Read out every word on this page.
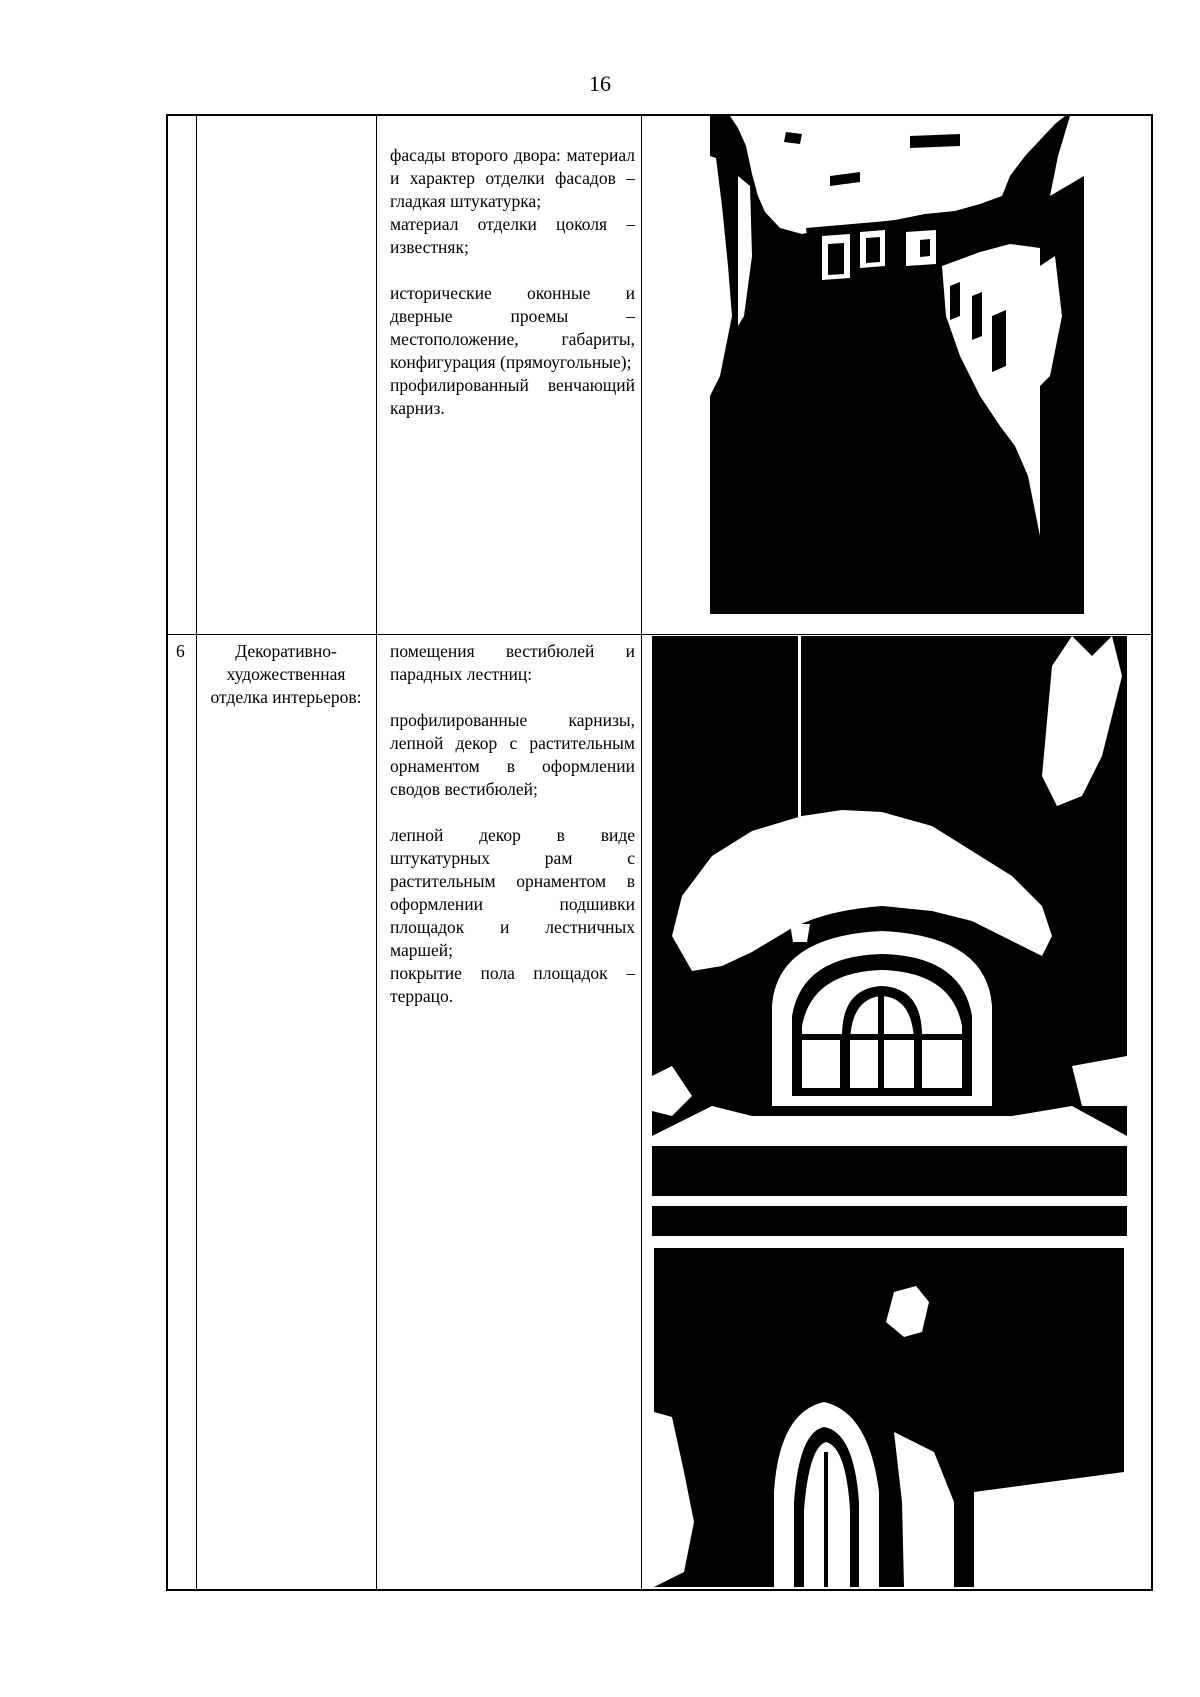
16

фасады второго двора: материал и характер отделки фасадов – гладкая штукатурка;

материал отделки цоколя – известняк;

исторические оконные и дверные проемы – местоположение, габариты, конфигурация (прямоугольные);

профилированный венчающий карниз.

6	Декоративно-художественная отделка интерьеров:

помещения вестибюлей и парадных лестниц:

профилированные карнизы, лепной декор с растительным орнаментом в оформлении сводов вестибюлей;

лепной декор в виде штукатурных рам с растительным орнаментом в оформлении подшивки площадок и лестничных маршей;

покрытие пола площадок – террацо.
